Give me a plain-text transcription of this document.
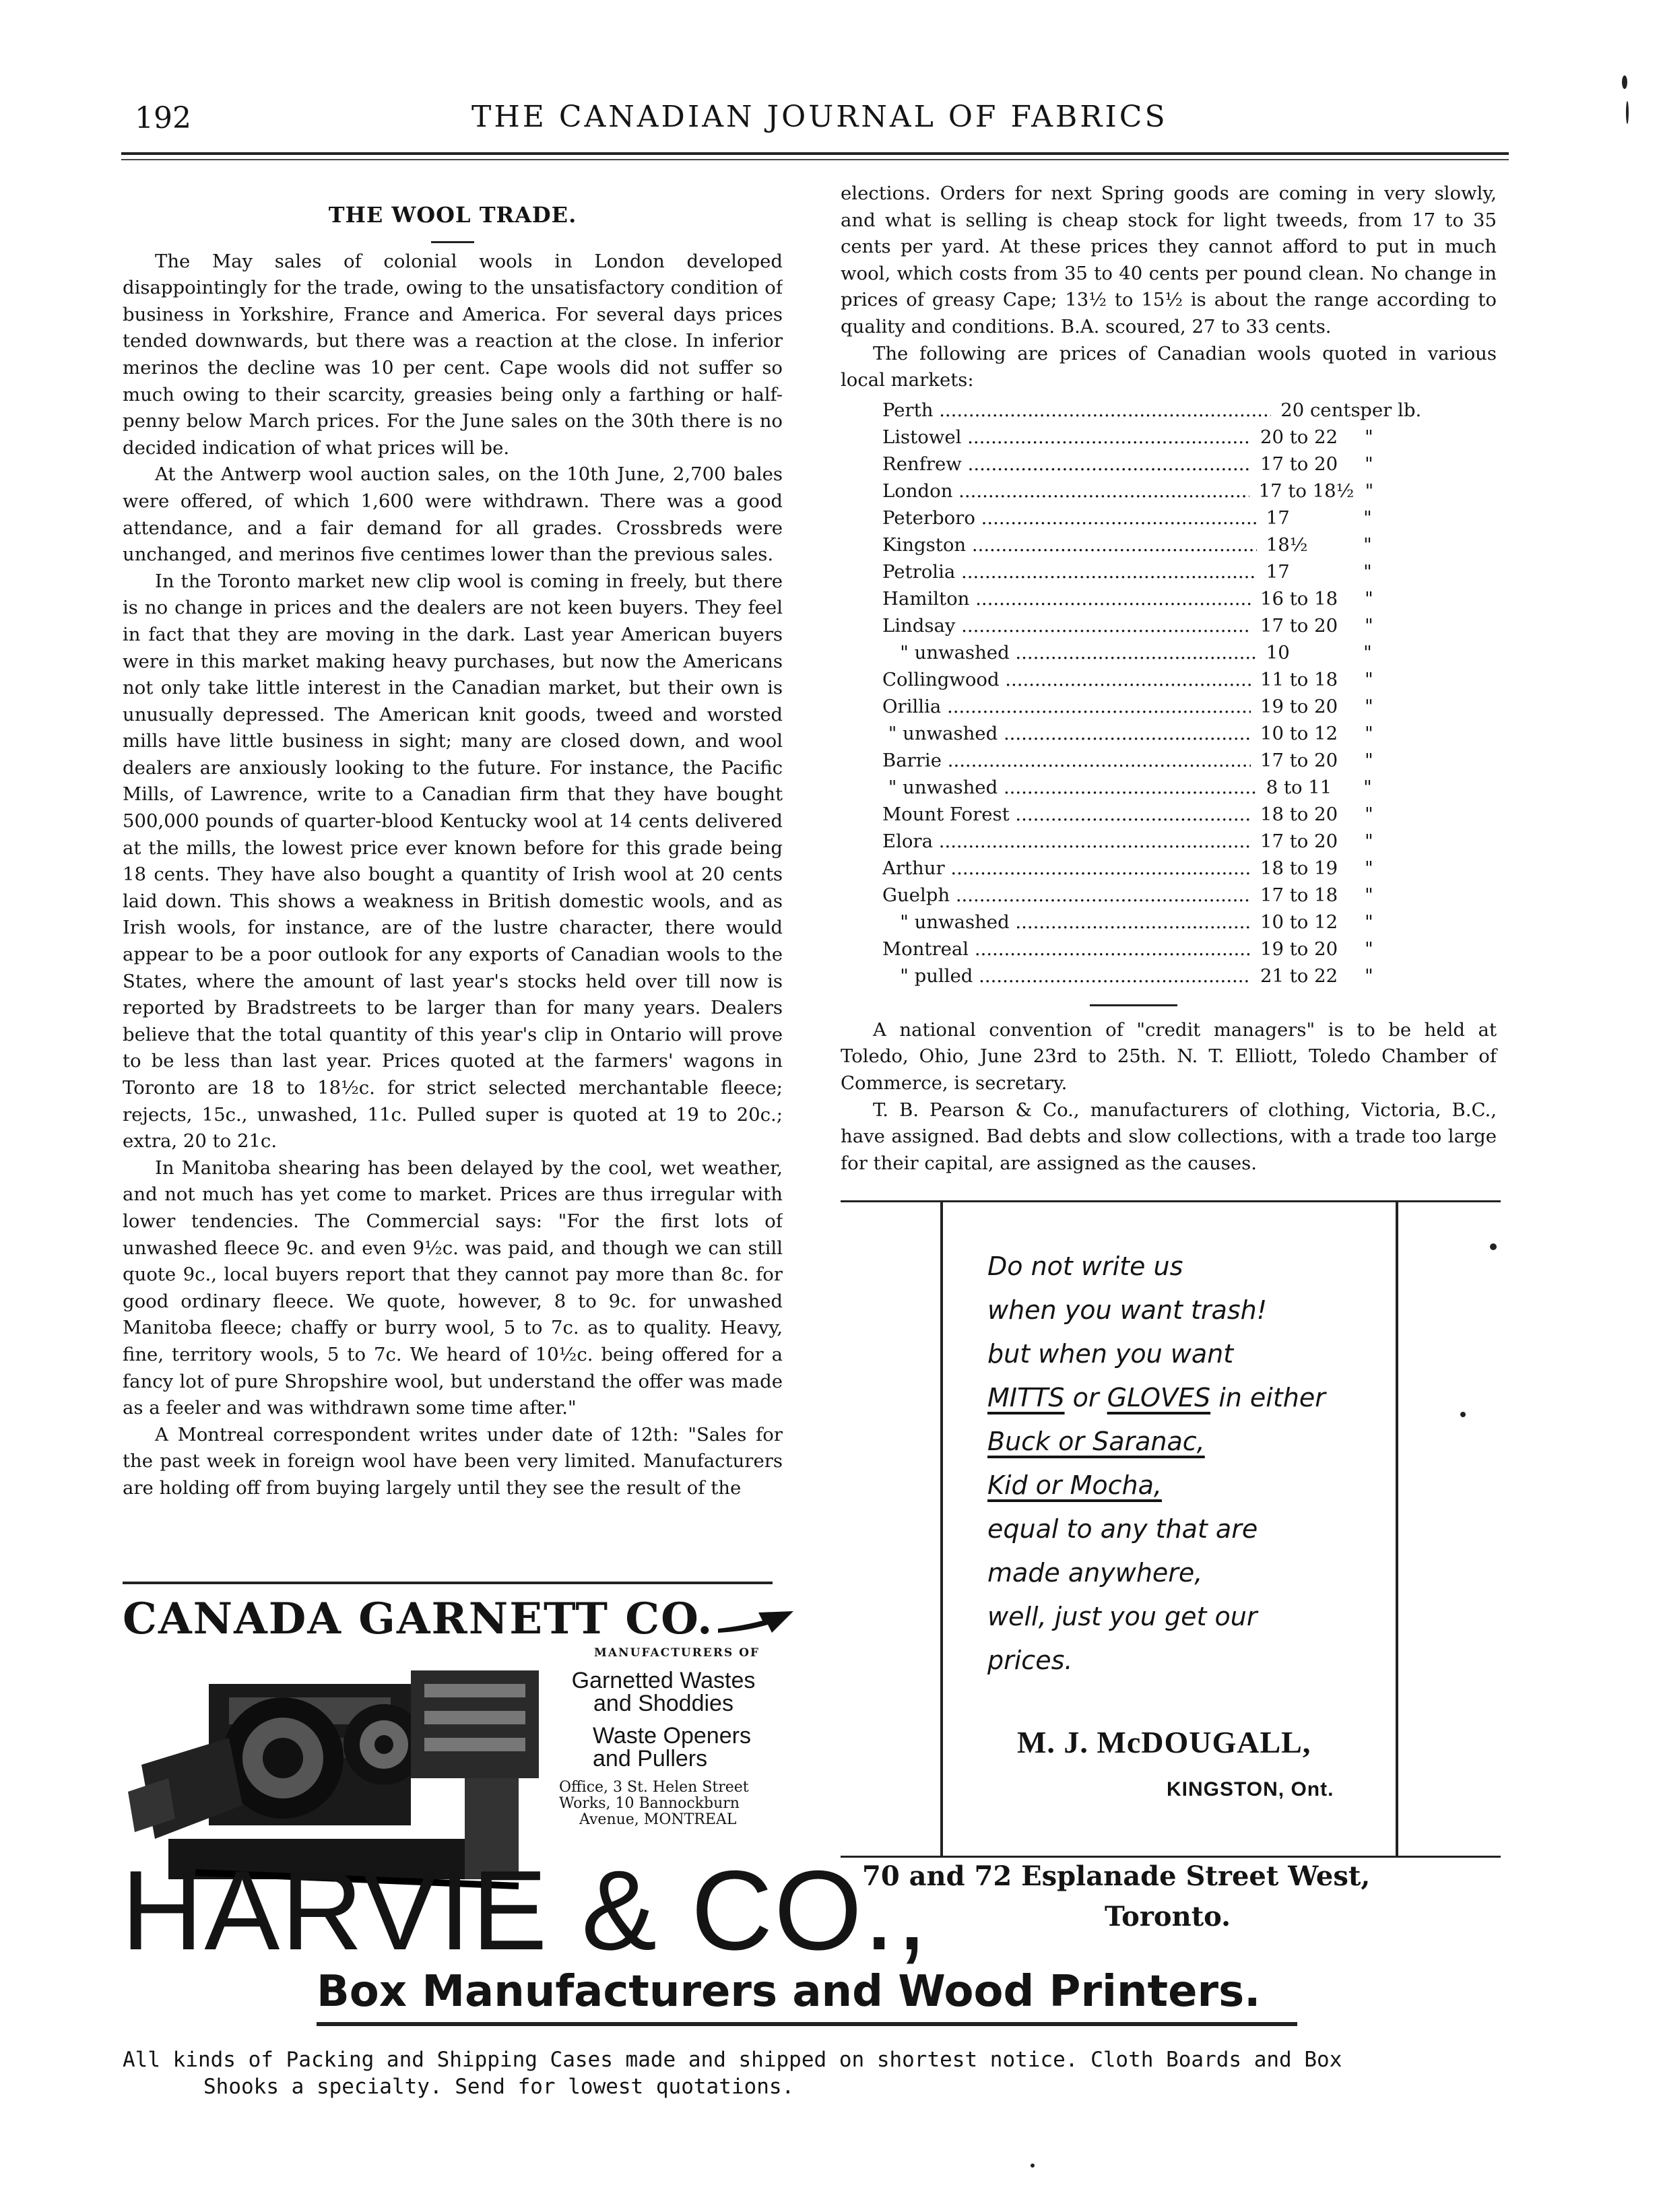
192	THE CANADIAN JOURNAL OF FABRICS
THE WOOL TRADE.

The May sales of colonial wools in London developed disappointingly for the trade, owing to the unsatisfactory condition of business in Yorkshire, France and America. For several days prices tended downwards, but there was a reaction at the close. In inferior merinos the decline was 10 per cent. Cape wools did not suffer so much owing to their scarcity, greasies being only a farthing or half-penny below March prices. For the June sales on the 30th there is no decided indication of what prices will be.

At the Antwerp wool auction sales, on the 10th June, 2,700 bales were offered, of which 1,600 were withdrawn. There was a good attendance, and a fair demand for all grades. Crossbreds were unchanged, and merinos five centimes lower than the previous sales.

In the Toronto market new clip wool is coming in freely, but there is no change in prices and the dealers are not keen buyers. They feel in fact that they are moving in the dark. Last year American buyers were in this market making heavy purchases, but now the Americans not only take little interest in the Canadian market, but their own is unusually depressed. The American knit goods, tweed and worsted mills have little business in sight; many are closed down, and wool dealers are anxiously looking to the future. For instance, the Pacific Mills, of Lawrence, write to a Canadian firm that they have bought 500,000 pounds of quarter-blood Kentucky wool at 14 cents delivered at the mills, the lowest price ever known before for this grade being 18 cents. They have also bought a quantity of Irish wool at 20 cents laid down. This shows a weakness in British domestic wools, and as Irish wools, for instance, are of the lustre character, there would appear to be a poor outlook for any exports of Canadian wools to the States, where the amount of last year's stocks held over till now is reported by Bradstreets to be larger than for many years. Dealers believe that the total quantity of this year's clip in Ontario will prove to be less than last year. Prices quoted at the farmers' wagons in Toronto are 18 to 18½c. for strict selected merchantable fleece; rejects, 15c., unwashed, 11c. Pulled super is quoted at 19 to 20c.; extra, 20 to 21c.

In Manitoba shearing has been delayed by the cool, wet weather, and not much has yet come to market. Prices are thus irregular with lower tendencies. The Commercial says: "For the first lots of unwashed fleece 9c. and even 9½c. was paid, and though we can still quote 9c., local buyers report that they cannot pay more than 8c. for good ordinary fleece. We quote, however, 8 to 9c. for unwashed Manitoba fleece; chaffy or burry wool, 5 to 7c. as to quality. Heavy, fine, territory wools, 5 to 7c. We heard of 10½c. being offered for a fancy lot of pure Shropshire wool, but understand the offer was made as a feeler and was withdrawn some time after."

A Montreal correspondent writes under date of 12th: "Sales for the past week in foreign wool have been very limited. Manufacturers are holding off from buying largely until they see the result of the

elections. Orders for next Spring goods are coming in very slowly, and what is selling is cheap stock for light tweeds, from 17 to 35 cents per yard. At these prices they cannot afford to put in much wool, which costs from 35 to 40 cents per pound clean. No change in prices of greasy Cape; 13½ to 15½ is about the range according to quality and conditions. B.A. scoured, 27 to 33 cents.

The following are prices of Canadian wools quoted in various local markets:

Perth .....	20 cents per lb.
Listowel .....	20 to 22	"
Renfrew .....	17 to 20	"
London .....	17 to 18½ "
Peterboro .....	17	"
Kingston .....	18½	"
Petrolia .....	17	"
Hamilton .....	16 to 18	"
Lindsay .....	17 to 20	"
" unwashed .....	10	"
Collingwood .....	11 to 18	"
Orillia .....	19 to 20	"
" unwashed .....	10 to 12	"
Barrie .....	17 to 20	"
" unwashed .....	8 to 11	"
Mount Forest .....	18 to 20	"
Elora .....	17 to 20	"
Arthur .....	18 to 19	"
Guelph .....	17 to 18	"
" unwashed .....	10 to 12	"
Montreal .....	19 to 20	"
" pulled .....	21 to 22	"

A national convention of "credit managers" is to be held at Toledo, Ohio, June 23rd to 25th. N. T. Elliott, Toledo Chamber of Commerce, is secretary.

T. B. Pearson & Co., manufacturers of clothing, Victoria, B.C., have assigned. Bad debts and slow collections, with a trade too large for their capital, are assigned as the causes.

CANADA GARNETT CO.
MANUFACTURERS OF
Garnetted Wastes
and Shoddies
Waste Openers
and Pullers
Office, 3 St. Helen Street
Works, 10 Bannockburn
Avenue, MONTREAL
Do not write us
when you want trash!
but when you want
MITTS or GLOVES in either
Buck or Saranac,
Kid or Mocha,
equal to any that are
made anywhere,
well, just you get our
prices.
M. J. McDOUGALL,
KINGSTON, Ont.
HARVIE & CO.,
70 and 72 Esplanade Street West,
Toronto.
Box Manufacturers and Wood Printers.
All kinds of Packing and Shipping Cases made and shipped on shortest notice. Cloth Boards and Box
Shooks a specialty. Send for lowest quotations.
